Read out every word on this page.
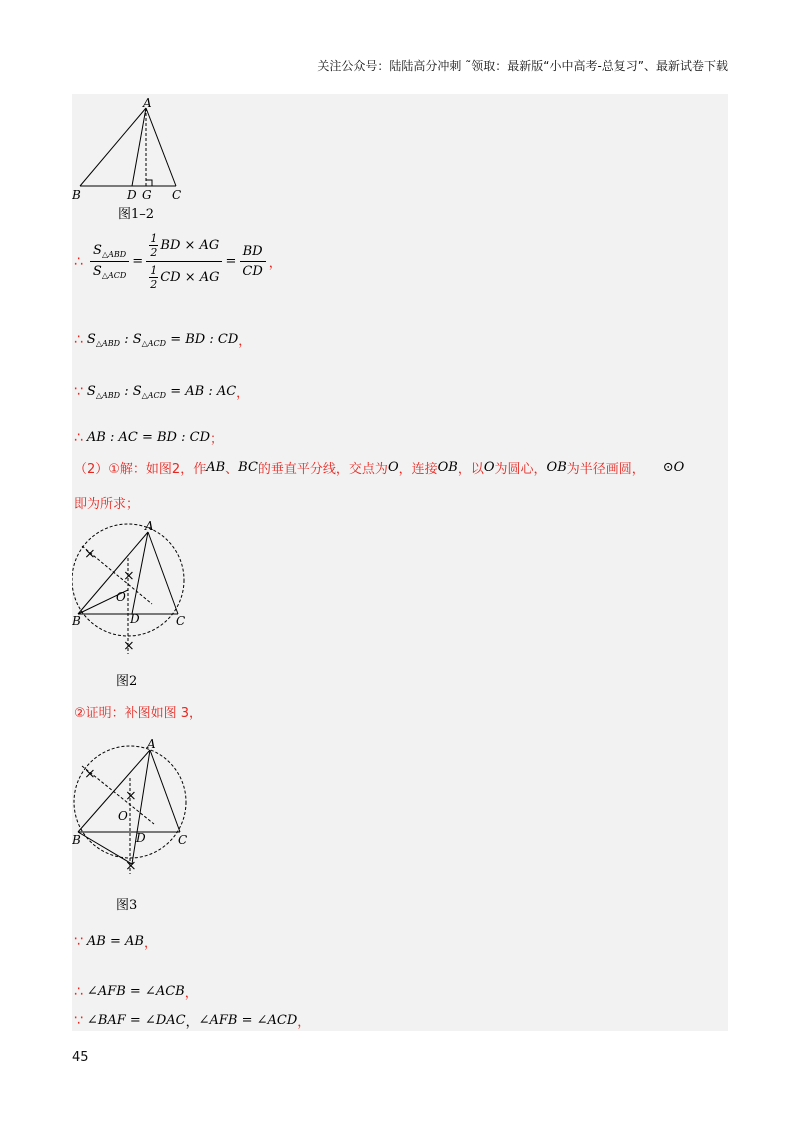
关注公众号：陆陆高分冲刺 ˜领取：最新版“小中高考-总复习”、最新试卷下载
A
B	D G C
图1–2
∴ $\frac{S_{\triangle ABD}}{S_{\triangle ACD}} = \frac{\frac{1}{2} BD \times AG}{\frac{1}{2} CD \times AG} = \frac{BD}{CD}$ ，
∴ $S_{\triangle ABD}$ : $S_{\triangle ACD}$ = BD : CD ，
∵ $S_{\triangle ABD}$ : $S_{\triangle ACD}$ = AB : AC ，
∴ AB : AC = BD : CD ；
（2）①解：如图2，作 AB 、 BC 的垂直平分线，交点为 O ，连接 OB ，以 O 为圆心， OB 为半径画圆， ⊙O
即为所求；
×
×
×
A
B	C
D
O
图2
②证明：补图如图 3，
×
×
×
A
B	C
D
O
图3
∵ AB = AB ，
∴ ∠AFB = ∠ACB ，
∵ ∠BAF = ∠DAC ， ∠AFB = ∠ACD ，
45
